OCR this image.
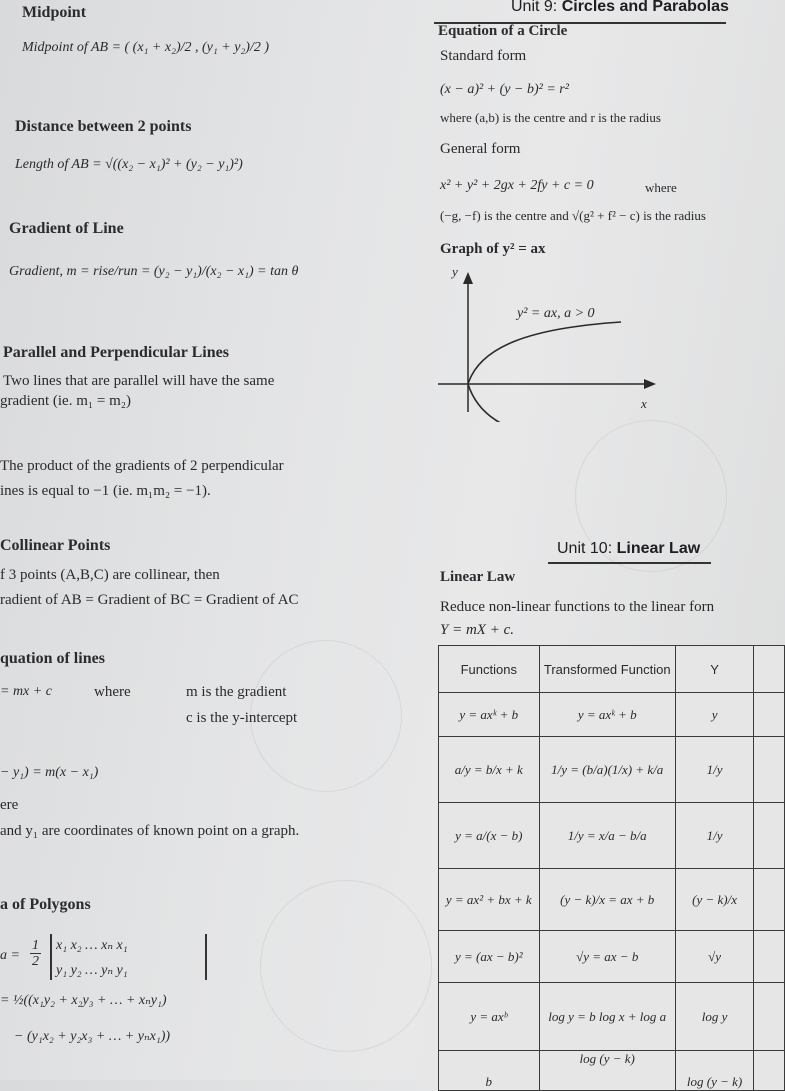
Midpoint
Midpoint of AB = ( (x₁ + x₂)/2 , (y₁ + y₂)/2 )
Distance between 2 points
Length of AB = √((x₂ − x₁)² + (y₂ − y₁)²)
Gradient of Line
Gradient, m = rise/run = (y₂ − y₁)/(x₂ − x₁) = tan θ
Parallel and Perpendicular Lines
Two lines that are parallel will have the same
gradient (ie. m₁ = m₂)
The product of the gradients of 2 perpendicular
ines is equal to −1 (ie. m₁m₂ = −1).
Collinear Points
f 3 points (A,B,C) are collinear, then
radient of AB = Gradient of BC = Gradient of AC
quation of lines
= mx + c	where	m is the gradient
c is the y-intercept
− y₁) = m(x − x₁)
ere
and y₁ are coordinates of known point on a graph.
a of Polygons
$a = \frac{1}{2} x_1$ x₂ … xₙ x₁
y₁ y₂ … yₙ y₁
= ½((x₁y₂ + x₂y₃ + … + xₙy₁)
− (y₁x₂ + y₂x₃ + … + yₙx₁))
Unit 9: Circles and Parabolas
Equation of a Circle
Standard form
(x − a)² + (y − b)² = r²
where (a,b) is the centre and r is the radius
General form
x² + y² + 2gx + 2fy + c = 0	where
(−g, −f) is the centre and √(g² + f² − c) is the radius
Graph of y² = ax
y
x
y² = ax, a > 0
Unit 10: Linear Law
Linear Law
Reduce non-linear functions to the linear forn
Y = mX + c.
Functions	Transformed Function	Y	
y = axᵏ + b	y = axᵏ + b	y	
a/y = b/x + k	1/y = (b/a)(1/x) + k/a	1/y	
y = a/(x − b)	1/y = x/a − b/a	1/y	
y = ax² + bx + k	(y − k)/x = ax + b	(y − k)/x	
y = (ax − b)²	√y = ax − b	√y	
y = axᵇ	log y = b log x + log a	log y	
b	log (y − k)	log (y − k)	
